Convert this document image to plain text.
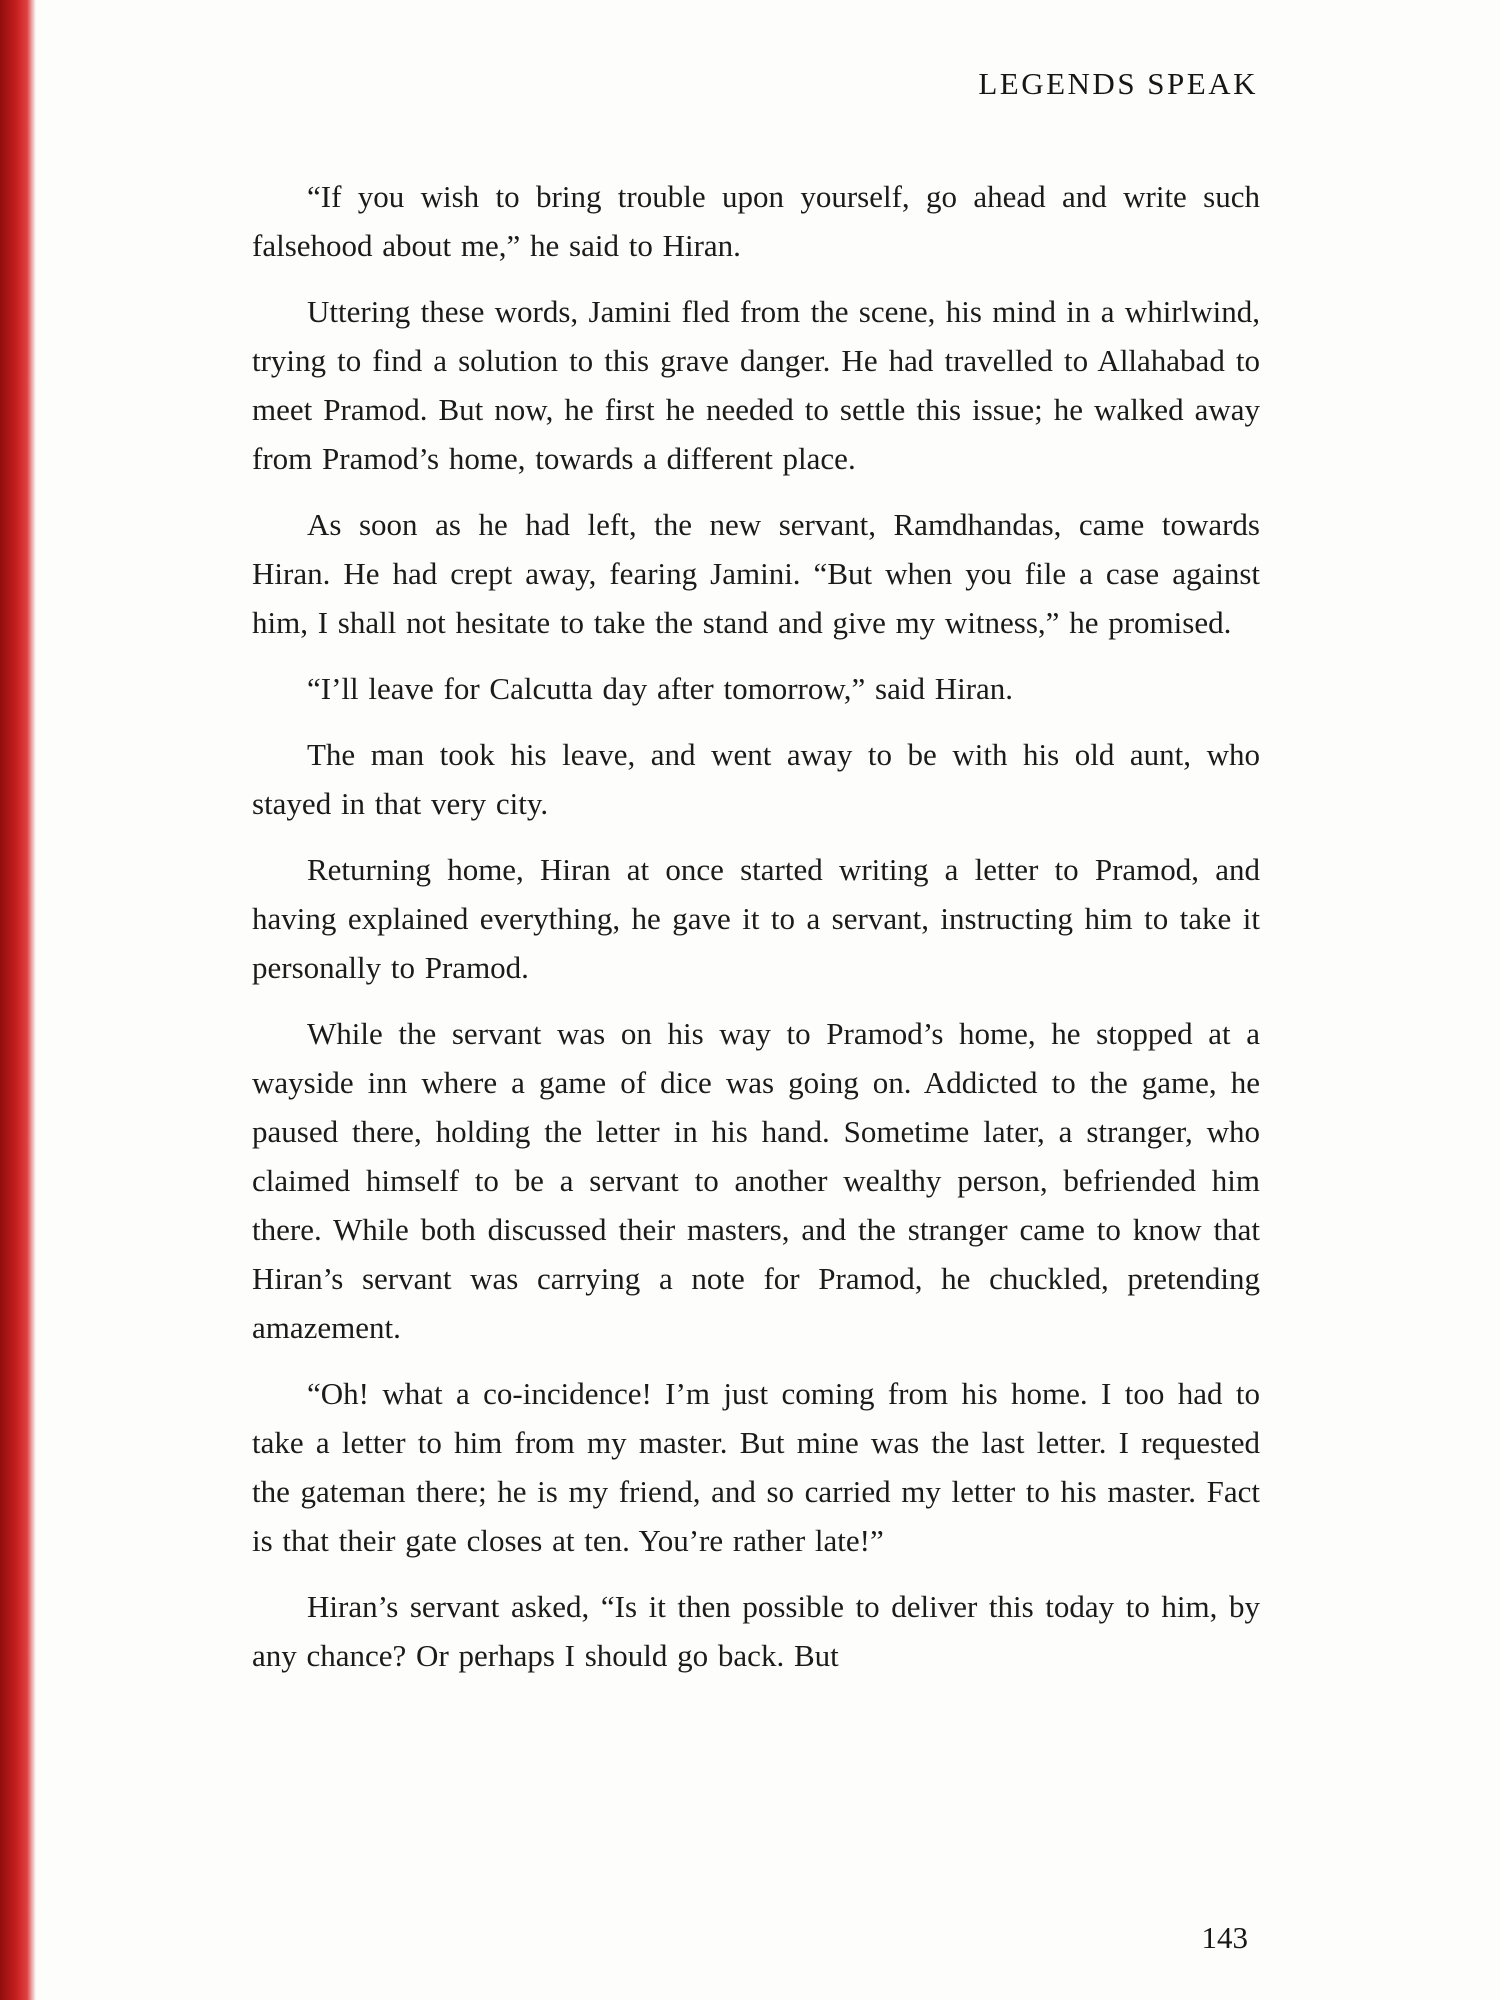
LEGENDS SPEAK

“If you wish to bring trouble upon yourself, go ahead and write such falsehood about me,” he said to Hiran.

Uttering these words, Jamini fled from the scene, his mind in a whirlwind, trying to find a solution to this grave danger. He had travelled to Allahabad to meet Pramod. But now, he first he needed to settle this issue; he walked away from Pramod’s home, towards a different place.

As soon as he had left, the new servant, Ramdhandas, came towards Hiran. He had crept away, fearing Jamini. “But when you file a case against him, I shall not hesitate to take the stand and give my witness,” he promised.

“I’ll leave for Calcutta day after tomorrow,” said Hiran.

The man took his leave, and went away to be with his old aunt, who stayed in that very city.

Returning home, Hiran at once started writing a letter to Pramod, and having explained everything, he gave it to a servant, instructing him to take it personally to Pramod.

While the servant was on his way to Pramod’s home, he stopped at a wayside inn where a game of dice was going on. Addicted to the game, he paused there, holding the letter in his hand. Sometime later, a stranger, who claimed himself to be a servant to another wealthy person, befriended him there. While both discussed their masters, and the stranger came to know that Hiran’s servant was carrying a note for Pramod, he chuckled, pretending amazement.

“Oh! what a co-incidence! I’m just coming from his home. I too had to take a letter to him from my master. But mine was the last letter. I requested the gateman there; he is my friend, and so carried my letter to his master. Fact is that their gate closes at ten. You’re rather late!”

Hiran’s servant asked, “Is it then possible to deliver this today to him, by any chance? Or perhaps I should go back. But

143
